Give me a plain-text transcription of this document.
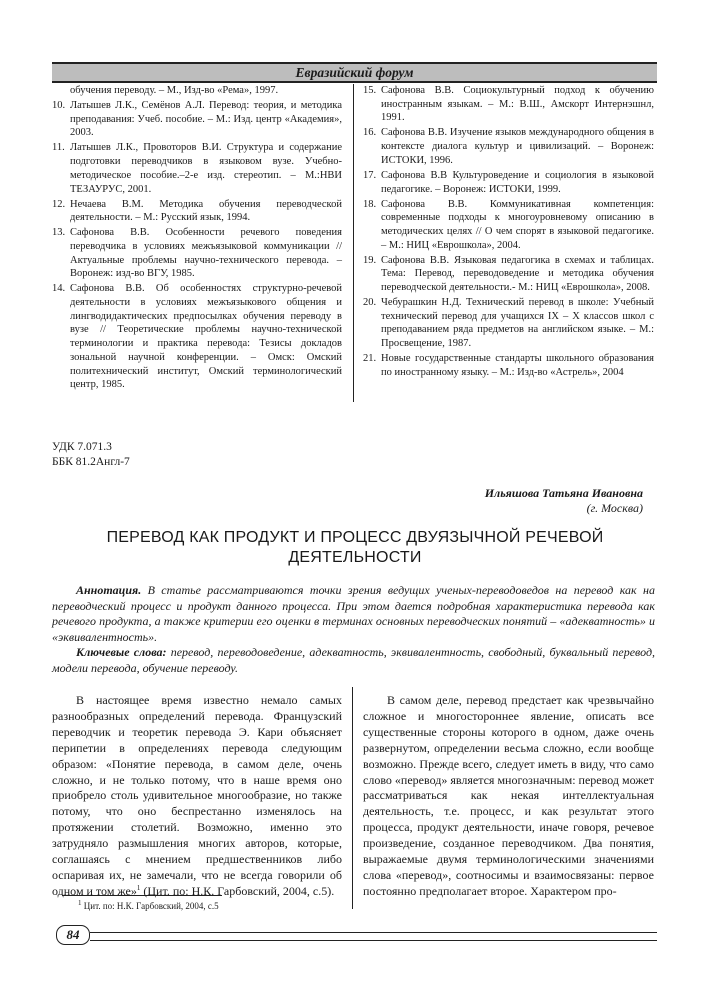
Евразийский форум
обучения переводу. – М., Изд-во «Рема», 1997.
10. Латышев Л.К., Семёнов А.Л. Перевод: теория, и методика преподавания: Учеб. пособие. – М.: Изд. центр «Академия», 2003.
11. Латышев Л.К., Провоторов В.И. Структура и содержание подготовки переводчиков в языковом вузе. Учебно-методическое пособие.–2-е изд. стереотип. – М.:НВИ ТЕЗАУРУС, 2001.
12. Нечаева В.М. Методика обучения переводческой деятельности. – М.: Русский язык, 1994.
13. Сафонова В.В. Особенности речевого поведения переводчика в условиях межъязыковой коммуникации // Актуальные проблемы научно-технического перевода. – Воронеж: изд-во ВГУ, 1985.
14. Сафонова В.В. Об особенностях структурно-речевой деятельности в условиях межъязыкового общения и лингводидактических предпосылках обучения переводу в вузе // Теоретические проблемы научно-технической терминологии и практика перевода: Тезисы докладов зональной научной конференции. – Омск: Омский политехнический институт, Омский терминологический центр, 1985.
15. Сафонова В.В. Социокультурный подход к обучению иностранным языкам. – М.: В.Ш., Амскорт Интернэшнл, 1991.
16. Сафонова В.В. Изучение языков международного общения в контексте диалога культур и цивилизаций. – Воронеж: ИСТОКИ, 1996.
17. Сафонова В.В Культуроведение и социология в языковой педагогике. – Воронеж: ИСТОКИ, 1999.
18. Сафонова В.В. Коммуникативная компетенция: современные подходы к многоуровневому описанию в методических целях // О чем спорят в языковой педагогике. – М.: НИЦ «Еврошкола», 2004.
19. Сафонова В.В. Языковая педагогика в схемах и таблицах. Тема: Перевод, переводоведение и методика обучения переводческой деятельности.- М.: НИЦ «Еврошкола», 2008.
20. Чебурашкин Н.Д. Технический перевод в школе: Учебный технический перевод для учащихся IX – X классов школ с преподаванием ряда предметов на английском языке. – М.: Просвещение, 1987.
21. Новые государственные стандарты школьного образования по иностранному языку. – М.: Изд-во «Астрель», 2004
УДК 7.071.3
ББК 81.2Англ-7
Ильяшова Татьяна Ивановна
(г. Москва)
ПЕРЕВОД КАК ПРОДУКТ И ПРОЦЕСС ДВУЯЗЫЧНОЙ РЕЧЕВОЙ
ДЕЯТЕЛЬНОСТИ

Аннотация. В статье рассматриваются точки зрения ведущих ученых-переводоведов на перевод как на переводческий процесс и продукт данного процесса. При этом дается подробная характеристика перевода как речевого продукта, а также критерии его оценки в терминах основных переводческих понятий – «адекватность» и «эквивалентность».

Ключевые слова: перевод, переводоведение, адекватность, эквивалентность, свободный, буквальный перевод, модели перевода, обучение переводу.

В настоящее время известно немало самых разнообразных определений перевода. Французский переводчик и теоретик перевода Э. Кари объясняет перипетии в определениях перевода следующим образом: «Понятие перевода, в самом деле, очень сложно, и не только потому, что в наше время оно приобрело столь удивительное многообразие, но также потому, что оно беспрестанно изменялось на протяжении столетий. Возможно, именно это затрудняло размышления многих авторов, которые, соглашаясь с мнением предшественников либо оспаривая их, не замечали, что не всегда говорили об одном и том же»$^1$ (Цит. по: Н.К. Гарбовский, 2004, с.5).

В самом деле, перевод предстает как чрезвычайно сложное и многостороннее явление, описать все существенные стороны которого в одном, даже очень развернутом, определении весьма сложно, если вообще возможно. Прежде всего, следует иметь в виду, что само слово «перевод» является многозначным: перевод может рассматриваться как некая интеллектуальная деятельность, т.е. процесс, и как результат этого процесса, продукт деятельности, иначе говоря, речевое произведение, созданное переводчиком. Два понятия, выражаемые двумя терминологическими значениями слова «перевод», соотносимы и взаимосвязаны: первое постоянно предполагает второе. Характером про-

$^1$ Цит. по: Н.К. Гарбовский, 2004, с.5
84
